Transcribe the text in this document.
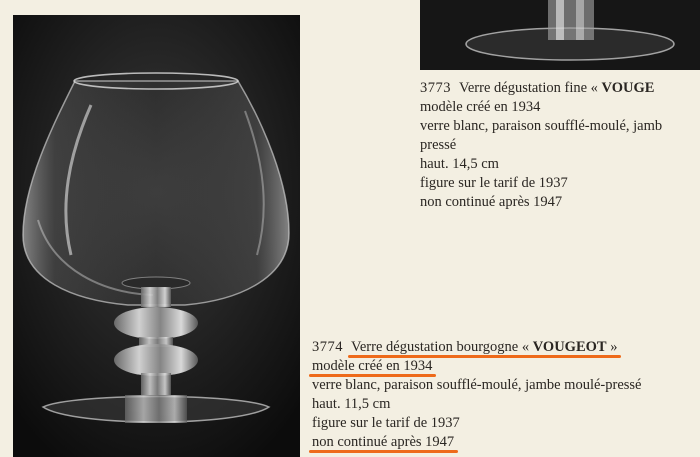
3773 Verre dégustation fine « VOUGE
modèle créé en 1934
verre blanc, paraison soufflé-moulé, jamb
pressé
haut. 14,5 cm
figure sur le tarif de 1937
non continué après 1947
3774 Verre dégustation bourgogne « VOUGEOT »
modèle créé en 1934
verre blanc, paraison soufflé-moulé, jambe moulé-pressé
haut. 11,5 cm
figure sur le tarif de 1937
non continué après 1947
